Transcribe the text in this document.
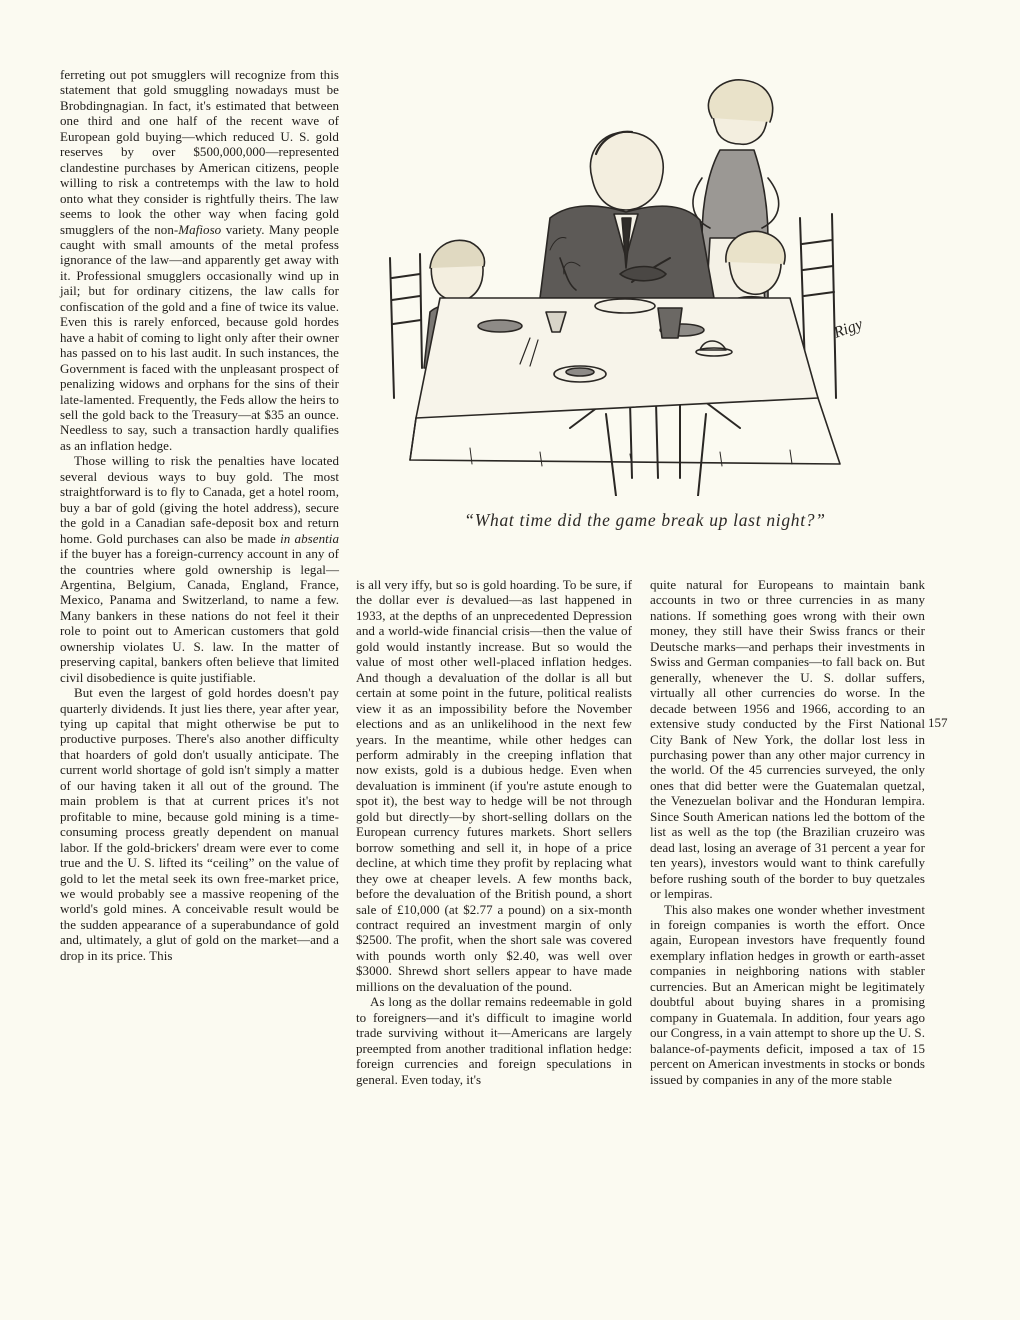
ferreting out pot smugglers will recognize from this statement that gold smuggling nowadays must be Brobdingnagian. In fact, it's estimated that between one third and one half of the recent wave of European gold buying—which reduced U. S. gold reserves by over $500,000,000—represented clandestine purchases by American citizens, people willing to risk a contretemps with the law to hold onto what they consider is rightfully theirs. The law seems to look the other way when facing gold smugglers of the non-Mafioso variety. Many people caught with small amounts of the metal profess ignorance of the law—and apparently get away with it. Professional smugglers occasionally wind up in jail; but for ordinary citizens, the law calls for confiscation of the gold and a fine of twice its value. Even this is rarely enforced, because gold hordes have a habit of coming to light only after their owner has passed on to his last audit. In such instances, the Government is faced with the unpleasant prospect of penalizing widows and orphans for the sins of their late-lamented. Frequently, the Feds allow the heirs to sell the gold back to the Treasury—at $35 an ounce. Needless to say, such a transaction hardly qualifies as an inflation hedge.

Those willing to risk the penalties have located several devious ways to buy gold. The most straightforward is to fly to Canada, get a hotel room, buy a bar of gold (giving the hotel address), secure the gold in a Canadian safe-deposit box and return home. Gold purchases can also be made in absentia if the buyer has a foreign-currency account in any of the countries where gold ownership is legal—Argentina, Belgium, Canada, England, France, Mexico, Panama and Switzerland, to name a few. Many bankers in these nations do not feel it their role to point out to American customers that gold ownership violates U. S. law. In the matter of preserving capital, bankers often believe that limited civil disobedience is quite justifiable.

But even the largest of gold hordes doesn't pay quarterly dividends. It just lies there, year after year, tying up capital that might otherwise be put to productive purposes. There's also another difficulty that hoarders of gold don't usually anticipate. The current world shortage of gold isn't simply a matter of our having taken it all out of the ground. The main problem is that at current prices it's not profitable to mine, because gold mining is a time-consuming process greatly dependent on manual labor. If the gold-brickers' dream were ever to come true and the U. S. lifted its “ceiling” on the value of gold to let the metal seek its own free-market price, we would probably see a massive reopening of the world's gold mines. A conceivable result would be the sudden appearance of a superabundance of gold and, ultimately, a glut of gold on the market—and a drop in its price. This

Rigy
“What time did the game break up last night?”

is all very iffy, but so is gold hoarding. To be sure, if the dollar ever is devalued—as last happened in 1933, at the depths of an unprecedented Depression and a world-wide financial crisis—then the value of gold would instantly increase. But so would the value of most other well-placed inflation hedges. And though a devaluation of the dollar is all but certain at some point in the future, political realists view it as an impossibility before the November elections and as an unlikelihood in the next few years. In the meantime, while other hedges can perform admirably in the creeping inflation that now exists, gold is a dubious hedge. Even when devaluation is imminent (if you're astute enough to spot it), the best way to hedge will be not through gold but directly—by short-selling dollars on the European currency futures markets. Short sellers borrow something and sell it, in hope of a price decline, at which time they profit by replacing what they owe at cheaper levels. A few months back, before the devaluation of the British pound, a short sale of £10,000 (at $2.77 a pound) on a six-month contract required an investment margin of only $2500. The profit, when the short sale was covered with pounds worth only $2.40, was well over $3000. Shrewd short sellers appear to have made millions on the devaluation of the pound.

As long as the dollar remains redeemable in gold to foreigners—and it's difficult to imagine world trade surviving without it—Americans are largely preempted from another traditional inflation hedge: foreign currencies and foreign speculations in general. Even today, it's

quite natural for Europeans to maintain bank accounts in two or three currencies in as many nations. If something goes wrong with their own money, they still have their Swiss francs or their Deutsche marks—and perhaps their investments in Swiss and German companies—to fall back on. But generally, whenever the U. S. dollar suffers, virtually all other currencies do worse. In the decade between 1956 and 1966, according to an extensive study conducted by the First National City Bank of New York, the dollar lost less in purchasing power than any other major currency in the world. Of the 45 currencies surveyed, the only ones that did better were the Guatemalan quetzal, the Venezuelan bolivar and the Honduran lempira. Since South American nations led the bottom of the list as well as the top (the Brazilian cruzeiro was dead last, losing an average of 31 percent a year for ten years), investors would want to think carefully before rushing south of the border to buy quetzales or lempiras.

This also makes one wonder whether investment in foreign companies is worth the effort. Once again, European investors have frequently found exemplary inflation hedges in growth or earth-asset companies in neighboring nations with stabler currencies. But an American might be legitimately doubtful about buying shares in a promising company in Guatemala. In addition, four years ago our Congress, in a vain attempt to shore up the U. S. balance-of-payments deficit, imposed a tax of 15 percent on American investments in stocks or bonds issued by companies in any of the more stable

157
